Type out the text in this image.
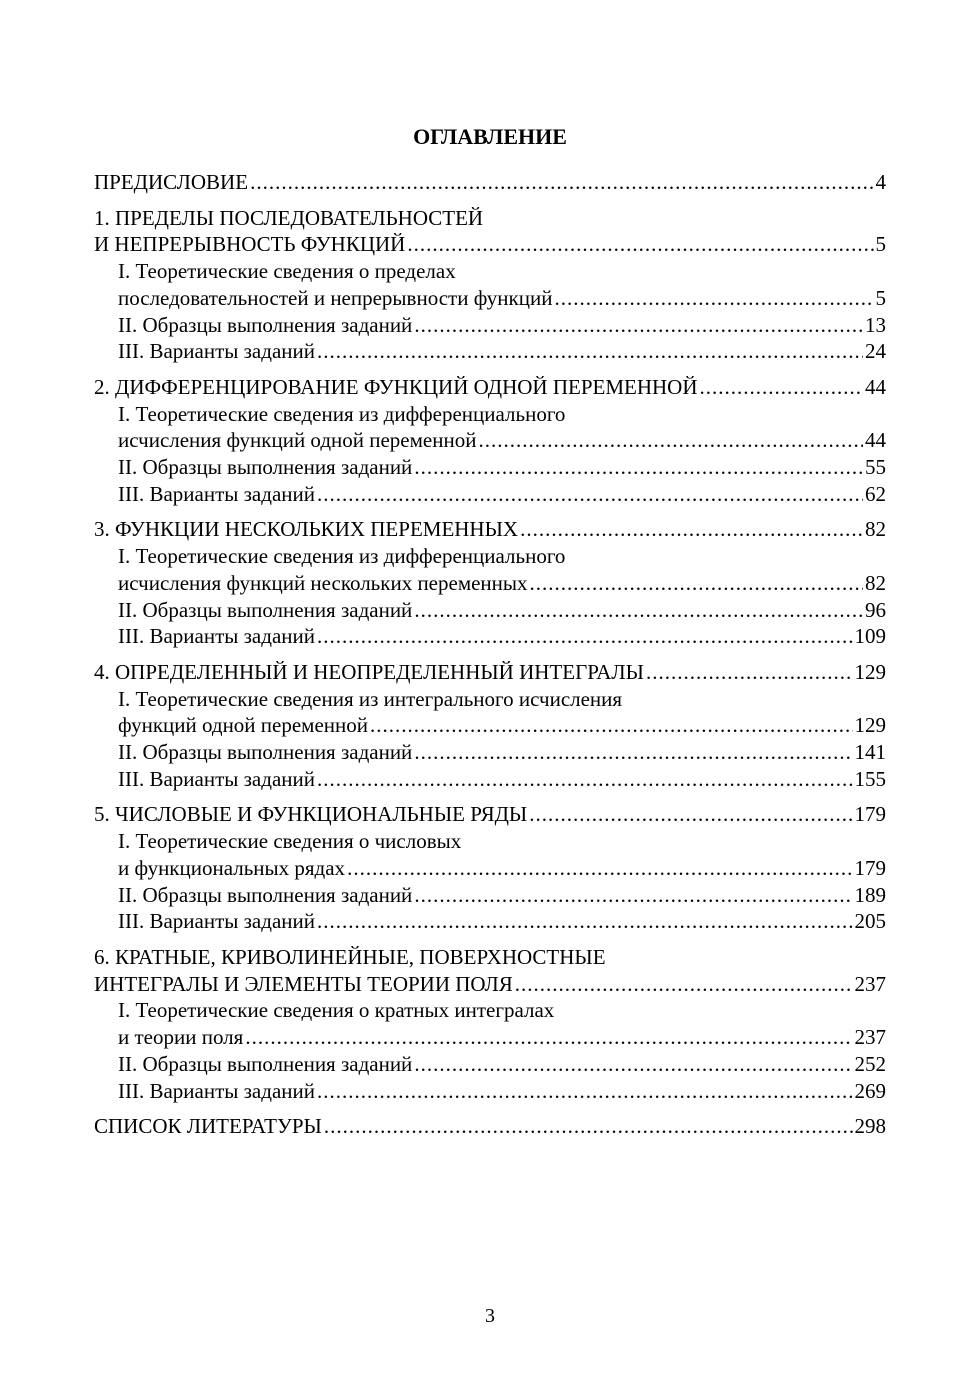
ОГЛАВЛЕНИЕ
ПРЕДИСЛОВИЕ .....	4
1. ПРЕДЕЛЫ ПОСЛЕДОВАТЕЛЬНОСТЕЙ
И НЕПРЕРЫВНОСТЬ ФУНКЦИЙ .....	5
I. Теоретические сведения о пределах
последовательностей и непрерывности функций .....	5
II. Образцы выполнения заданий .....	13
III. Варианты заданий .....	24
2. ДИФФЕРЕНЦИРОВАНИЕ ФУНКЦИЙ ОДНОЙ ПЕРЕМЕННОЙ .....	44
I. Теоретические сведения из дифференциального
исчисления функций одной переменной .....	44
II. Образцы выполнения заданий .....	55
III. Варианты заданий .....	62
3. ФУНКЦИИ НЕСКОЛЬКИХ ПЕРЕМЕННЫХ .....	82
I. Теоретические сведения из дифференциального
исчисления функций нескольких переменных .....	82
II. Образцы выполнения заданий .....	96
III. Варианты заданий .....	109
4. ОПРЕДЕЛЕННЫЙ И НЕОПРЕДЕЛЕННЫЙ ИНТЕГРАЛЫ .....	129
I. Теоретические сведения из интегрального исчисления
функций одной переменной .....	129
II. Образцы выполнения заданий .....	141
III. Варианты заданий .....	155
5. ЧИСЛОВЫЕ И ФУНКЦИОНАЛЬНЫЕ РЯДЫ .....	179
I. Теоретические сведения о числовых
и функциональных рядах .....	179
II. Образцы выполнения заданий .....	189
III. Варианты заданий .....	205
6. КРАТНЫЕ, КРИВОЛИНЕЙНЫЕ, ПОВЕРХНОСТНЫЕ
ИНТЕГРАЛЫ И ЭЛЕМЕНТЫ ТЕОРИИ ПОЛЯ .....	237
I. Теоретические сведения о кратных интегралах
и теории поля .....	237
II. Образцы выполнения заданий .....	252
III. Варианты заданий .....	269
СПИСОК ЛИТЕРАТУРЫ .....	298
3
